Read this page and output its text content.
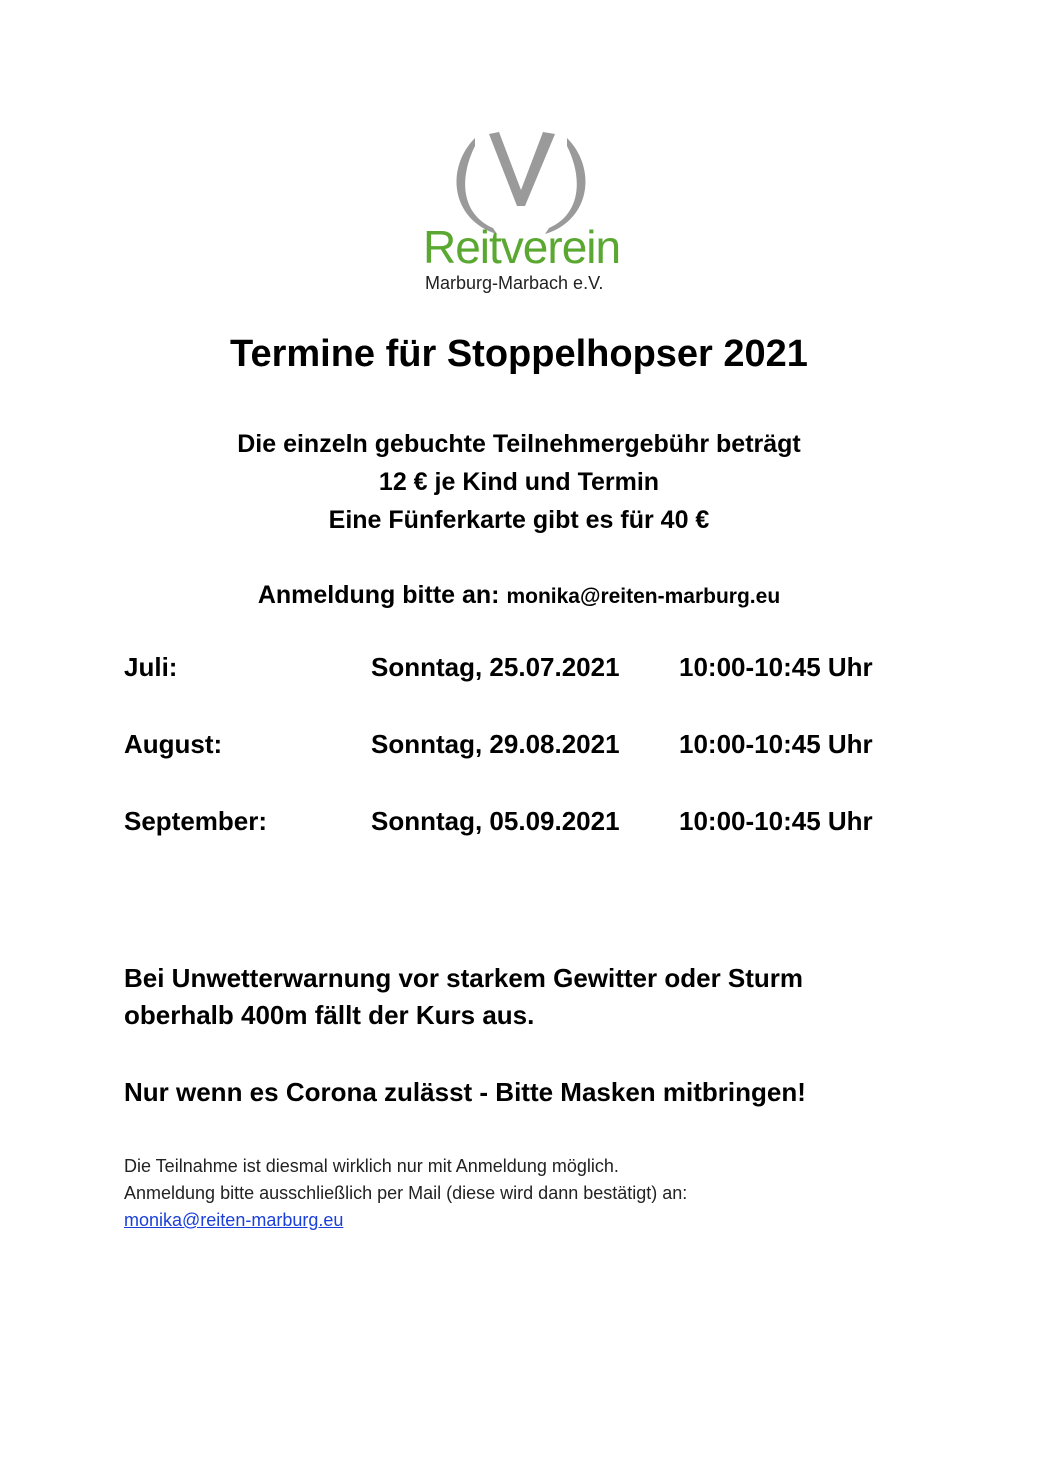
Reitverein
Marburg-Marbach e.V.
Termine für Stoppelhopser 2021
Die einzeln gebuchte Teilnehmergebühr beträgt
12 € je Kind und Termin
Eine Fünferkarte gibt es für 40 €
Anmeldung bitte an: monika@reiten-marburg.eu
Juli:	Sonntag, 25.07.2021 10:00-10:45 Uhr
August:	Sonntag, 29.08.2021 10:00-10:45 Uhr
September:	Sonntag, 05.09.2021 10:00-10:45 Uhr
Bei Unwetterwarnung vor starkem Gewitter oder Sturm
oberhalb 400m fällt der Kurs aus.
Nur wenn es Corona zulässt - Bitte Masken mitbringen!
Die Teilnahme ist diesmal wirklich nur mit Anmeldung möglich.
Anmeldung bitte ausschließlich per Mail (diese wird dann bestätigt) an:
monika@reiten-marburg.eu
